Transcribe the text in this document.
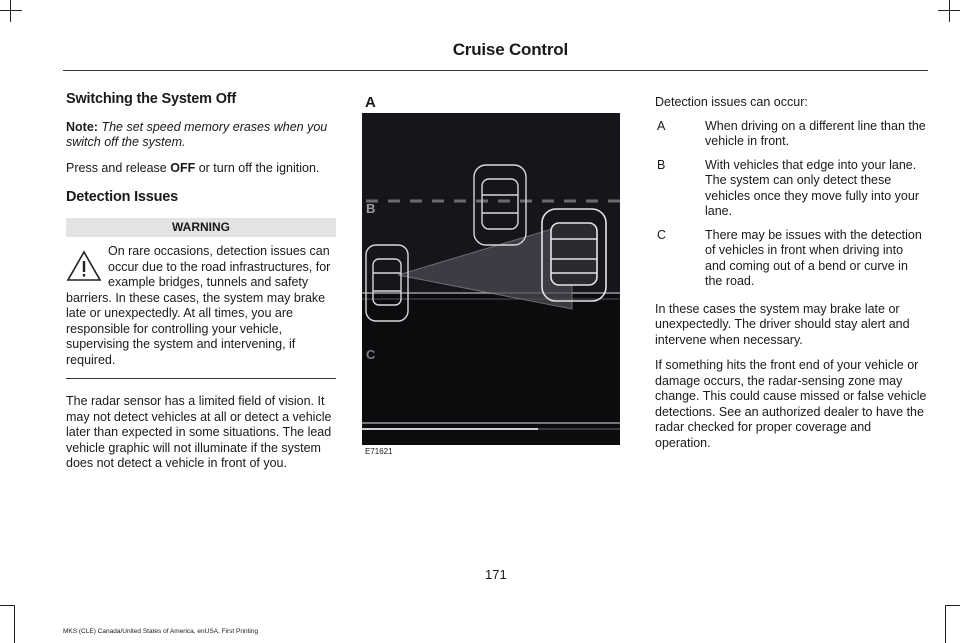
Cruise Control
Switching the System Off
Note: The set speed memory erases when you switch off the system.
Press and release OFF or turn off the ignition.
Detection Issues
WARNING
On rare occasions, detection issues can occur due to the road infrastructures, for example bridges, tunnels and safety barriers. In these cases, the system may brake late or unexpectedly. At all times, you are responsible for controlling your vehicle, supervising the system and intervening, if required.
The radar sensor has a limited field of vision. It may not detect vehicles at all or detect a vehicle later than expected in some situations. The lead vehicle graphic will not illuminate if the system does not detect a vehicle in front of you.
A
B
C
E71621
Detection issues can occur:
A	When driving on a different line than the vehicle in front.
B	With vehicles that edge into your lane. The system can only detect these vehicles once they move fully into your lane.
C	There may be issues with the detection of vehicles in front when driving into and coming out of a bend or curve in the road.
In these cases the system may brake late or unexpectedly. The driver should stay alert and intervene when necessary.
If something hits the front end of your vehicle or damage occurs, the radar-sensing zone may change. This could cause missed or false vehicle detections. See an authorized dealer to have the radar checked for proper coverage and operation.
171
MKS (CLE) Canada/United States of America, enUSA, First Printing
